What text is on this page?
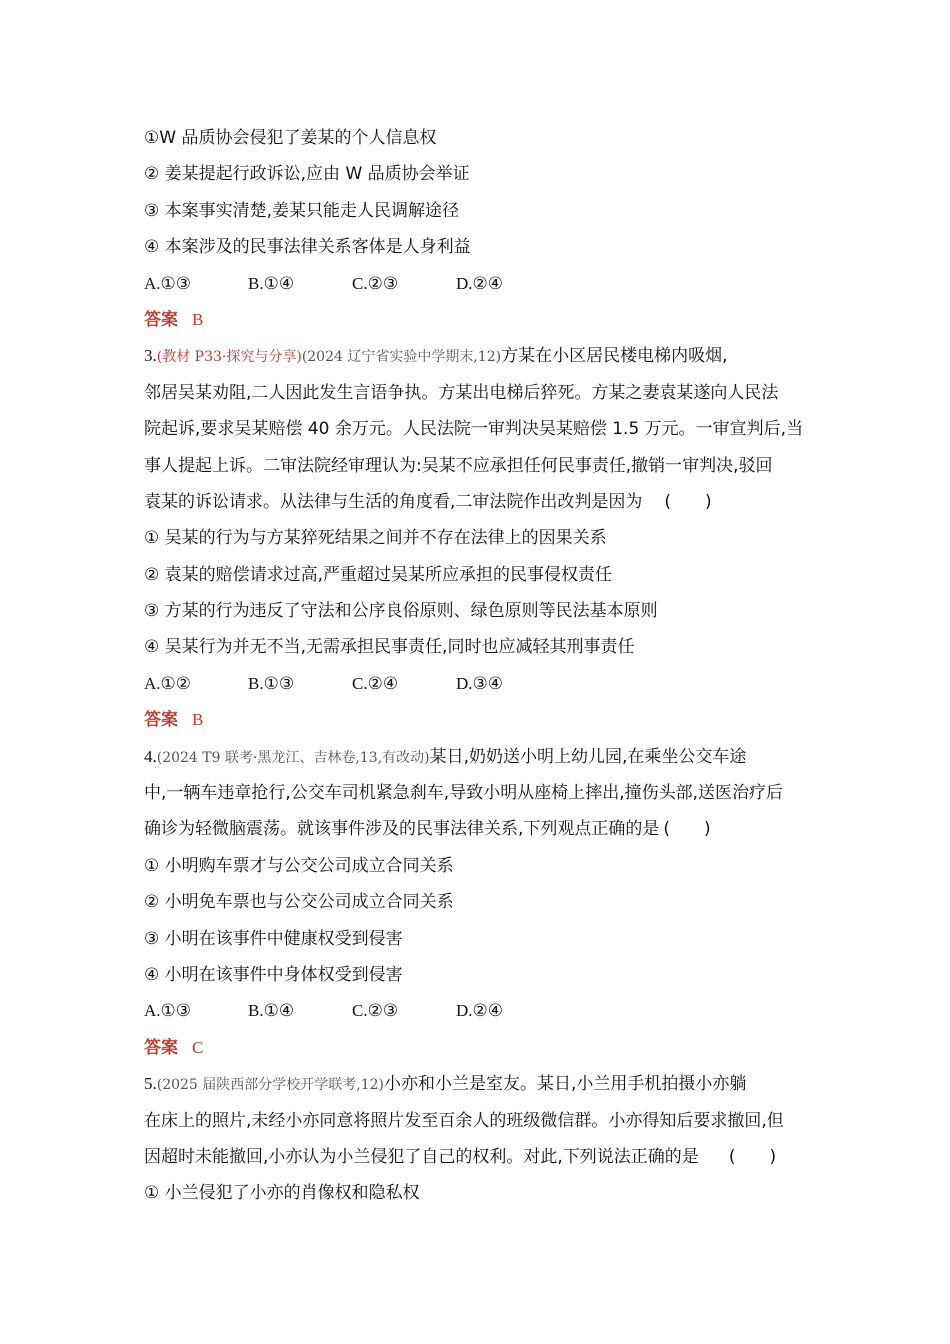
①W 品质协会侵犯了姜某的个人信息权
② 姜某提起行政诉讼,应由 W 品质协会举证
③ 本案事实清楚,姜某只能走人民调解途径
④ 本案涉及的民事法律关系客体是人身利益
A.①③	B.①④	C.②③	D.②④
答案 B
3.(教材 P33·探究与分享)(2024 辽宁省实验中学期末,12)方某在小区居民楼电梯内吸烟,
邻居吴某劝阻,二人因此发生言语争执。方某出电梯后猝死。方某之妻袁某遂向人民法
院起诉,要求吴某赔偿 40 余万元。人民法院一审判决吴某赔偿 1.5 万元。一审宣判后,当
事人提起上诉。二审法院经审理认为:吴某不应承担任何民事责任,撤销一审判决,驳回
袁某的诉讼请求。从法律与生活的角度看,二审法院作出改判是因为 (　　)
① 吴某的行为与方某猝死结果之间并不存在法律上的因果关系
② 袁某的赔偿请求过高,严重超过吴某所应承担的民事侵权责任
③ 方某的行为违反了守法和公序良俗原则、绿色原则等民法基本原则
④ 吴某行为并无不当,无需承担民事责任,同时也应减轻其刑事责任
A.①②	B.①③	C.②④	D.③④
答案 B
4.(2024 T9 联考·黑龙江、吉林卷,13,有改动)某日,奶奶送小明上幼儿园,在乘坐公交车途
中,一辆车违章抢行,公交车司机紧急刹车,导致小明从座椅上摔出,撞伤头部,送医治疗后
确诊为轻微脑震荡。就该事件涉及的民事法律关系,下列观点正确的是 (　　)
① 小明购车票才与公交公司成立合同关系
② 小明免车票也与公交公司成立合同关系
③ 小明在该事件中健康权受到侵害
④ 小明在该事件中身体权受到侵害
A.①③	B.①④	C.②③	D.②④
答案 C
5.(2025 届陕西部分学校开学联考,12)小亦和小兰是室友。某日,小兰用手机拍摄小亦躺
在床上的照片,未经小亦同意将照片发至百余人的班级微信群。小亦得知后要求撤回,但
因超时未能撤回,小亦认为小兰侵犯了自己的权利。对此,下列说法正确的是 (　　)
① 小兰侵犯了小亦的肖像权和隐私权
